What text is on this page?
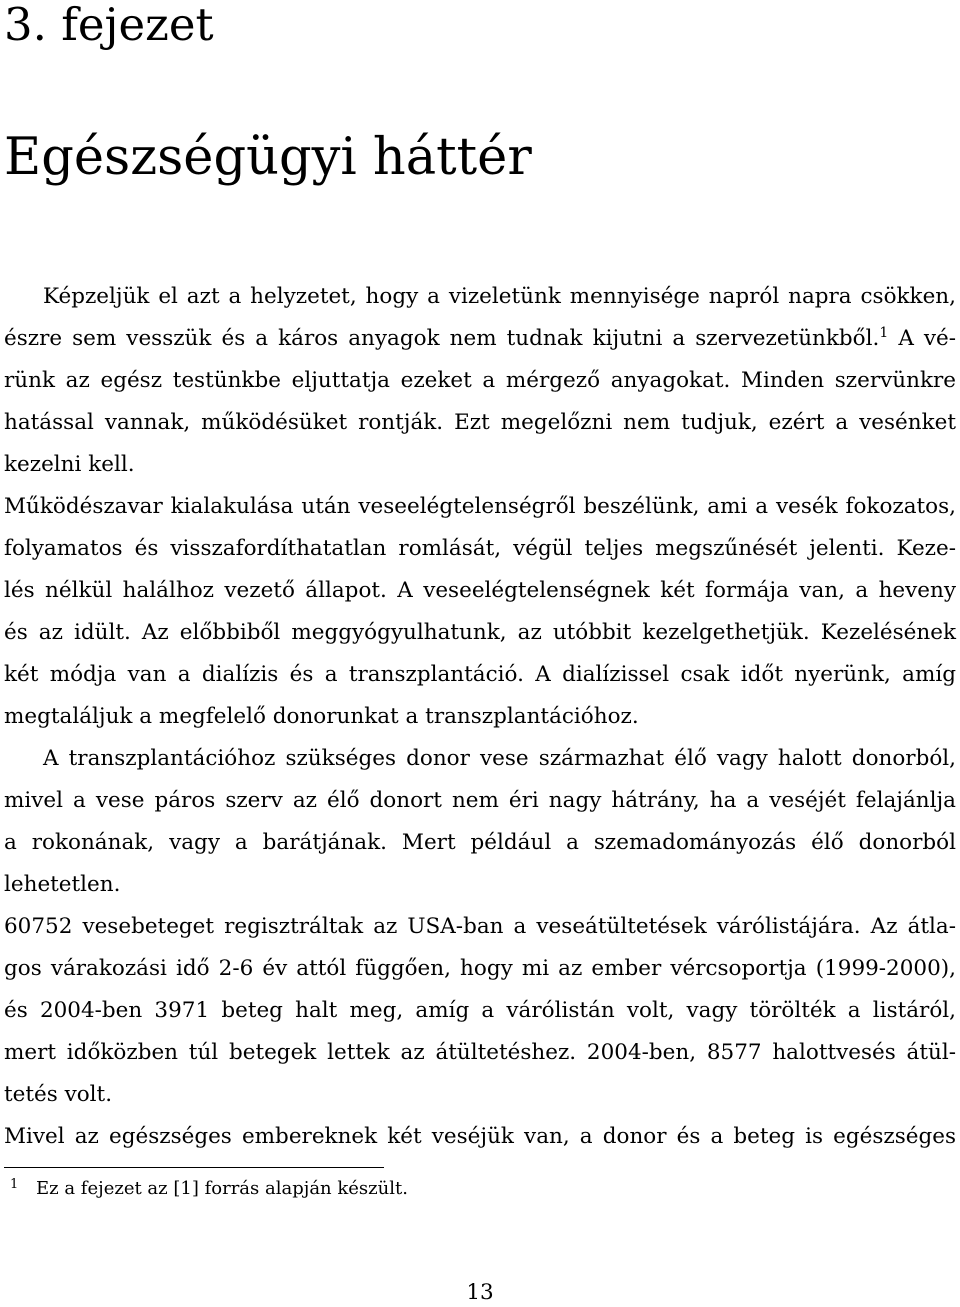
3. fejezet
Egészségügyi háttér

Képzeljük el azt a helyzetet, hogy a vizeletünk mennyisége napról napra csökken,

észre sem vesszük és a káros anyagok nem tudnak kijutni a szervezetünkből.$^1$ A vé-

rünk az egész testünkbe eljuttatja ezeket a mérgező anyagokat. Minden szervünkre

hatással vannak, működésüket rontják. Ezt megelőzni nem tudjuk, ezért a vesénket

kezelni kell.

Működészavar kialakulása után veseelégtelenségről beszélünk, ami a vesék fokozatos,

folyamatos és visszafordíthatatlan romlását, végül teljes megszűnését jelenti. Keze-

lés nélkül halálhoz vezető állapot. A veseelégtelenségnek két formája van, a heveny

és az idült. Az előbbiből meggyógyulhatunk, az utóbbit kezelgethetjük. Kezelésének

két módja van a dialízis és a transzplantáció. A dialízissel csak időt nyerünk, amíg

megtaláljuk a megfelelő donorunkat a transzplantációhoz.

A transzplantációhoz szükséges donor vese származhat élő vagy halott donorból,

mivel a vese páros szerv az élő donort nem éri nagy hátrány, ha a veséjét felajánlja

a rokonának, vagy a barátjának. Mert például a szemadományozás élő donorból

lehetetlen.

60752 vesebeteget regisztráltak az USA-ban a veseátültetések várólistájára. Az átla-

gos várakozási idő 2-6 év attól függően, hogy mi az ember vércsoportja (1999-2000),

és 2004-ben 3971 beteg halt meg, amíg a várólistán volt, vagy törölték a listáról,

mert időközben túl betegek lettek az átültetéshez. 2004-ben, 8577 halottvesés átül-

tetés volt.

Mivel az egészséges embereknek két veséjük van, a donor és a beteg is egészséges

1 Ez a fejezet az [1] forrás alapján készült.

13
